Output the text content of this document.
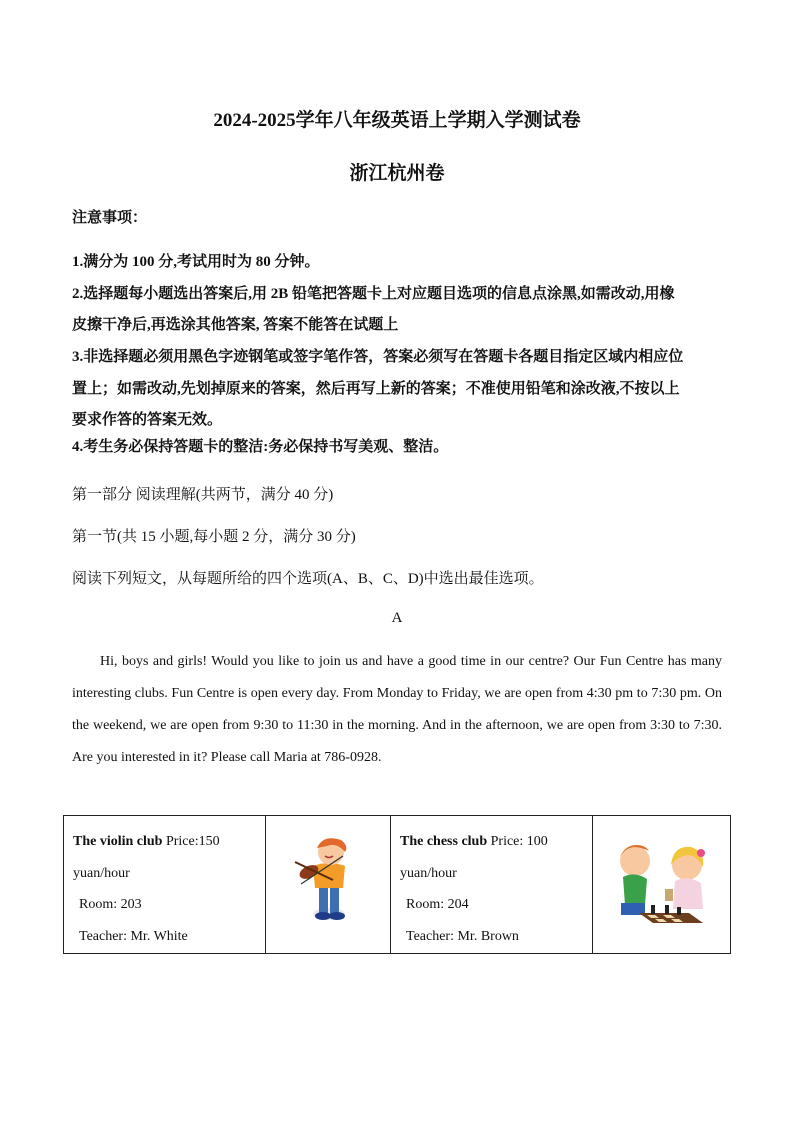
2024-2025学年八年级英语上学期入学测试卷
浙江杭州卷
注意事项：
1.满分为 100 分,考试用时为 80 分钟。
2.选择题每小题选出答案后,用 2B 铅笔把答题卡上对应题目选项的信息点涂黑,如需改动,用橡
皮擦干净后,再选涂其他答案, 答案不能答在试题上
3.非选择题必须用黑色字迹钢笔或签字笔作答，答案必须写在答题卡各题目指定区域内相应位
置上；如需改动,先划掉原来的答案，然后再写上新的答案；不准使用铅笔和涂改液,不按以上
要求作答的答案无效。
4.考生务必保持答题卡的整洁:务必保持书写美观、整洁。
第一部分 阅读理解(共两节，满分 40 分)
第一节(共 15 小题,每小题 2 分，满分 30 分)
阅读下列短文，从每题所给的四个选项(A、B、C、D)中选出最佳选项。
A
Hi, boys and girls! Would you like to join us and have a good time in our centre? Our Fun Centre has many interesting clubs. Fun Centre is open every day. From Monday to Friday, we are open from 4:30 pm to 7:30 pm. On the weekend, we are open from 9:30 to 11:30 in the morning. And in the afternoon, we are open from 3:30 to 7:30. Are you interested in it? Please call Maria at 786-0928.
The violin club Price:150 yuan/hour
Room: 203
Teacher: Mr. White

The chess club Price: 100 yuan/hour
Room: 204
Teacher: Mr. Brown
